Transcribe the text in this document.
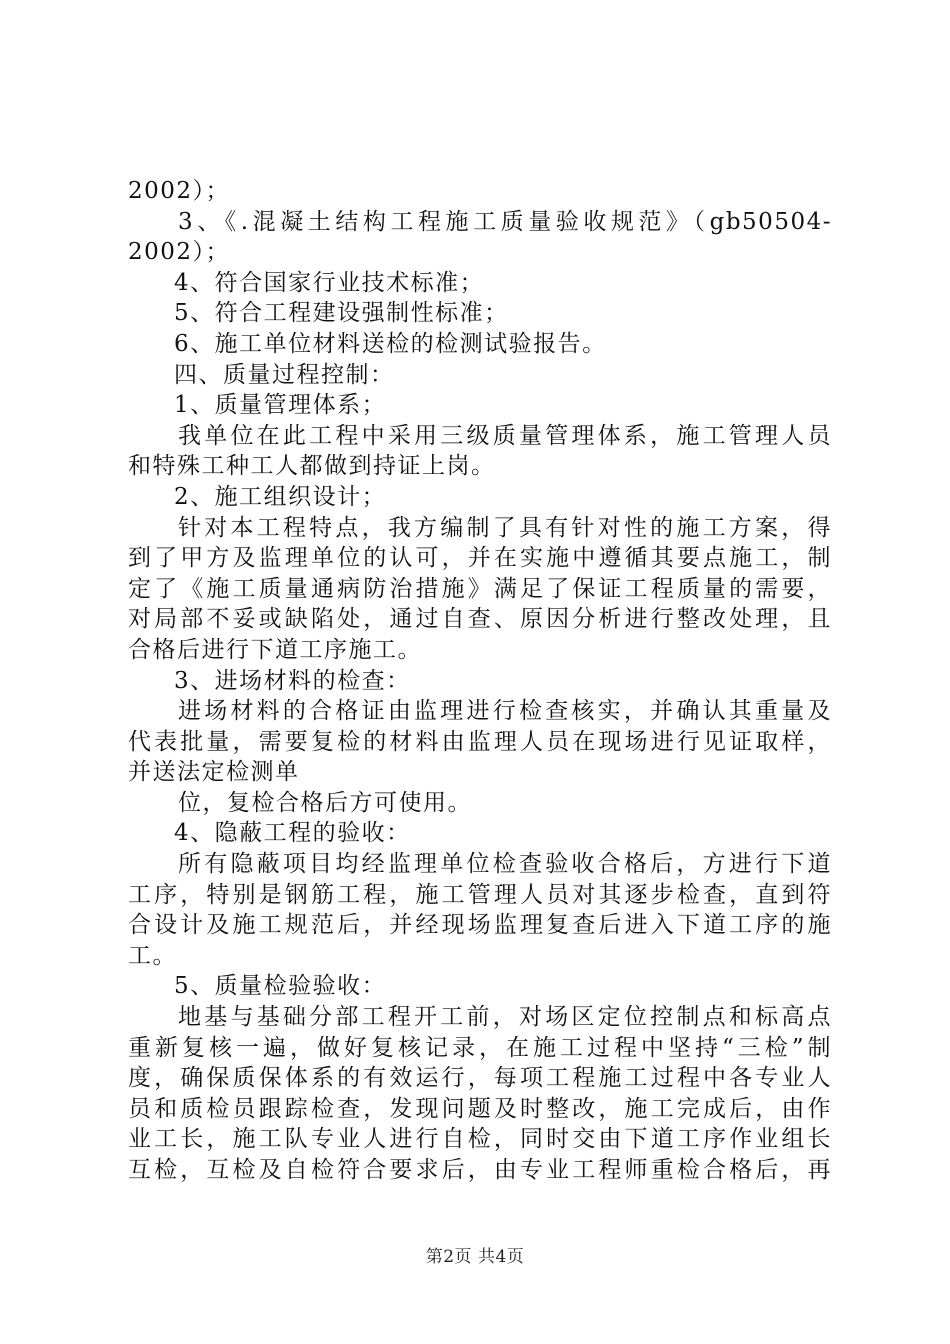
2002）；
3、《.混凝土结构工程施工质量验收规范》（gb50504-
2002）；
4、符合国家行业技术标准；
5、符合工程建设强制性标准；
6、施工单位材料送检的检测试验报告。
四、质量过程控制：
1、质量管理体系；
我单位在此工程中采用三级质量管理体系，施工管理人员
和特殊工种工人都做到持证上岗。
2、施工组织设计；
针对本工程特点，我方编制了具有针对性的施工方案，得
到了甲方及监理单位的认可，并在实施中遵循其要点施工，制
定了《施工质量通病防治措施》满足了保证工程质量的需要，
对局部不妥或缺陷处，通过自查、原因分析进行整改处理，且
合格后进行下道工序施工。
3、进场材料的检查：
进场材料的合格证由监理进行检查核实，并确认其重量及
代表批量，需要复检的材料由监理人员在现场进行见证取样，
并送法定检测单
位，复检合格后方可使用。
4、隐蔽工程的验收：
所有隐蔽项目均经监理单位检查验收合格后，方进行下道
工序，特别是钢筋工程，施工管理人员对其逐步检查，直到符
合设计及施工规范后，并经现场监理复查后进入下道工序的施
工。
5、质量检验验收：
地基与基础分部工程开工前，对场区定位控制点和标高点
重新复核一遍，做好复核记录，在施工过程中坚持“三检”制
度，确保质保体系的有效运行，每项工程施工过程中各专业人
员和质检员跟踪检查，发现问题及时整改，施工完成后，由作
业工长，施工队专业人进行自检，同时交由下道工序作业组长
互检，互检及自检符合要求后，由专业工程师重检合格后，再
第2页 共4页
